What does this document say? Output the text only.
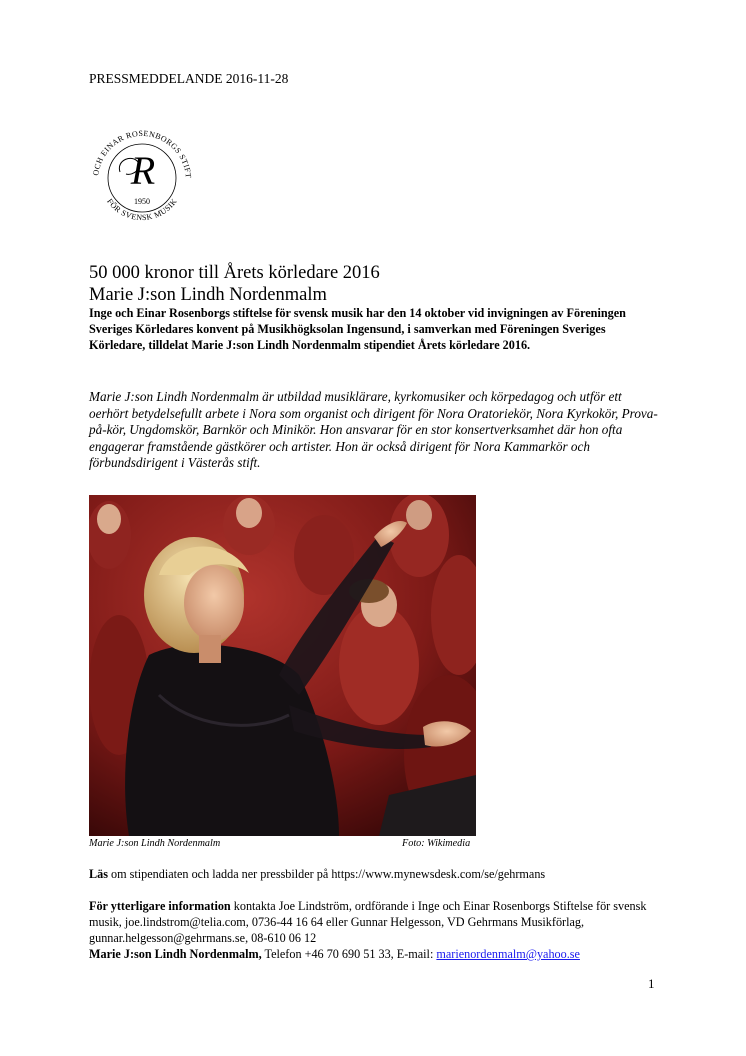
PRESSMEDDELANDE 2016-11-28
OCH EINAR ROSENBORGS STIFT
FÖR SVENSK MUSIK
R
1950
50 000 kronor till Årets körledare 2016
Marie J:son Lindh Nordenmalm
Inge och Einar Rosenborgs stiftelse för svensk musik har den 14 oktober vid invigningen av Föreningen Sveriges Körledares konvent på Musikhögksolan Ingensund, i samverkan med Föreningen Sveriges Körledare, tilldelat Marie J:son Lindh Nordenmalm stipendiet Årets körledare 2016.
Marie J:son Lindh Nordenmalm är utbildad musiklärare, kyrkomusiker och körpedagog och utför ett oerhört betydelsefullt arbete i Nora som organist och dirigent för Nora Oratoriekör, Nora Kyrkokör, Prova-på-kör, Ungdomskör, Barnkör och Minikör. Hon ansvarar för en stor konsertverksamhet där hon ofta engagerar framstående gästkörer och artister. Hon är också dirigent för Nora Kammarkör och förbundsdirigent i Västerås stift.
Marie J:son Lindh Nordenmalm	Foto: Wikimedia
Läs om stipendiaten och ladda ner pressbilder på https://www.mynewsdesk.com/se/gehrmans
För ytterligare information kontakta Joe Lindström, ordförande i Inge och Einar Rosenborgs Stiftelse för svensk musik, joe.lindstrom@telia.com, 0736-44 16 64 eller Gunnar Helgesson, VD Gehrmans Musikförlag, gunnar.helgesson@gehrmans.se, 08-610 06 12
Marie J:son Lindh Nordenmalm, Telefon +46 70 690 51 33, E-mail: marienordenmalm@yahoo.se
1
